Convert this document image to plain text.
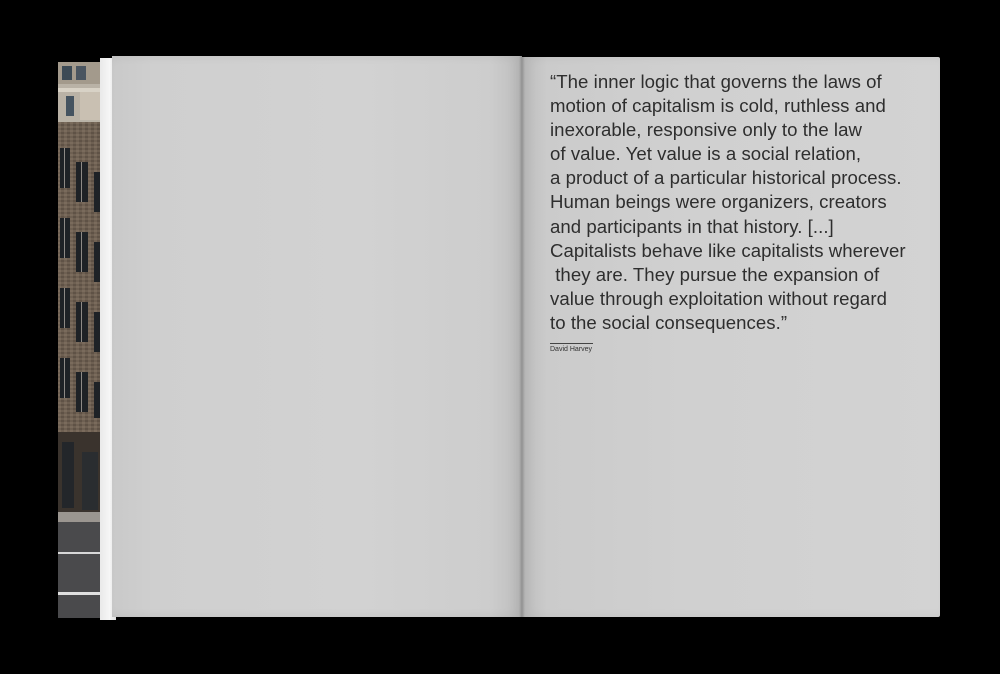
“The inner logic that governs the laws of
motion of capitalism is cold, ruthless and
inexorable, responsive only to the law
of value. Yet value is a social relation,
a product of a particular historical process.
Human beings were organizers, creators
and participants in that history. [...]
Capitalists behave like capitalists wherever
they are. They pursue the expansion of
value through exploitation without regard
to the social consequences.”
David Harvey
